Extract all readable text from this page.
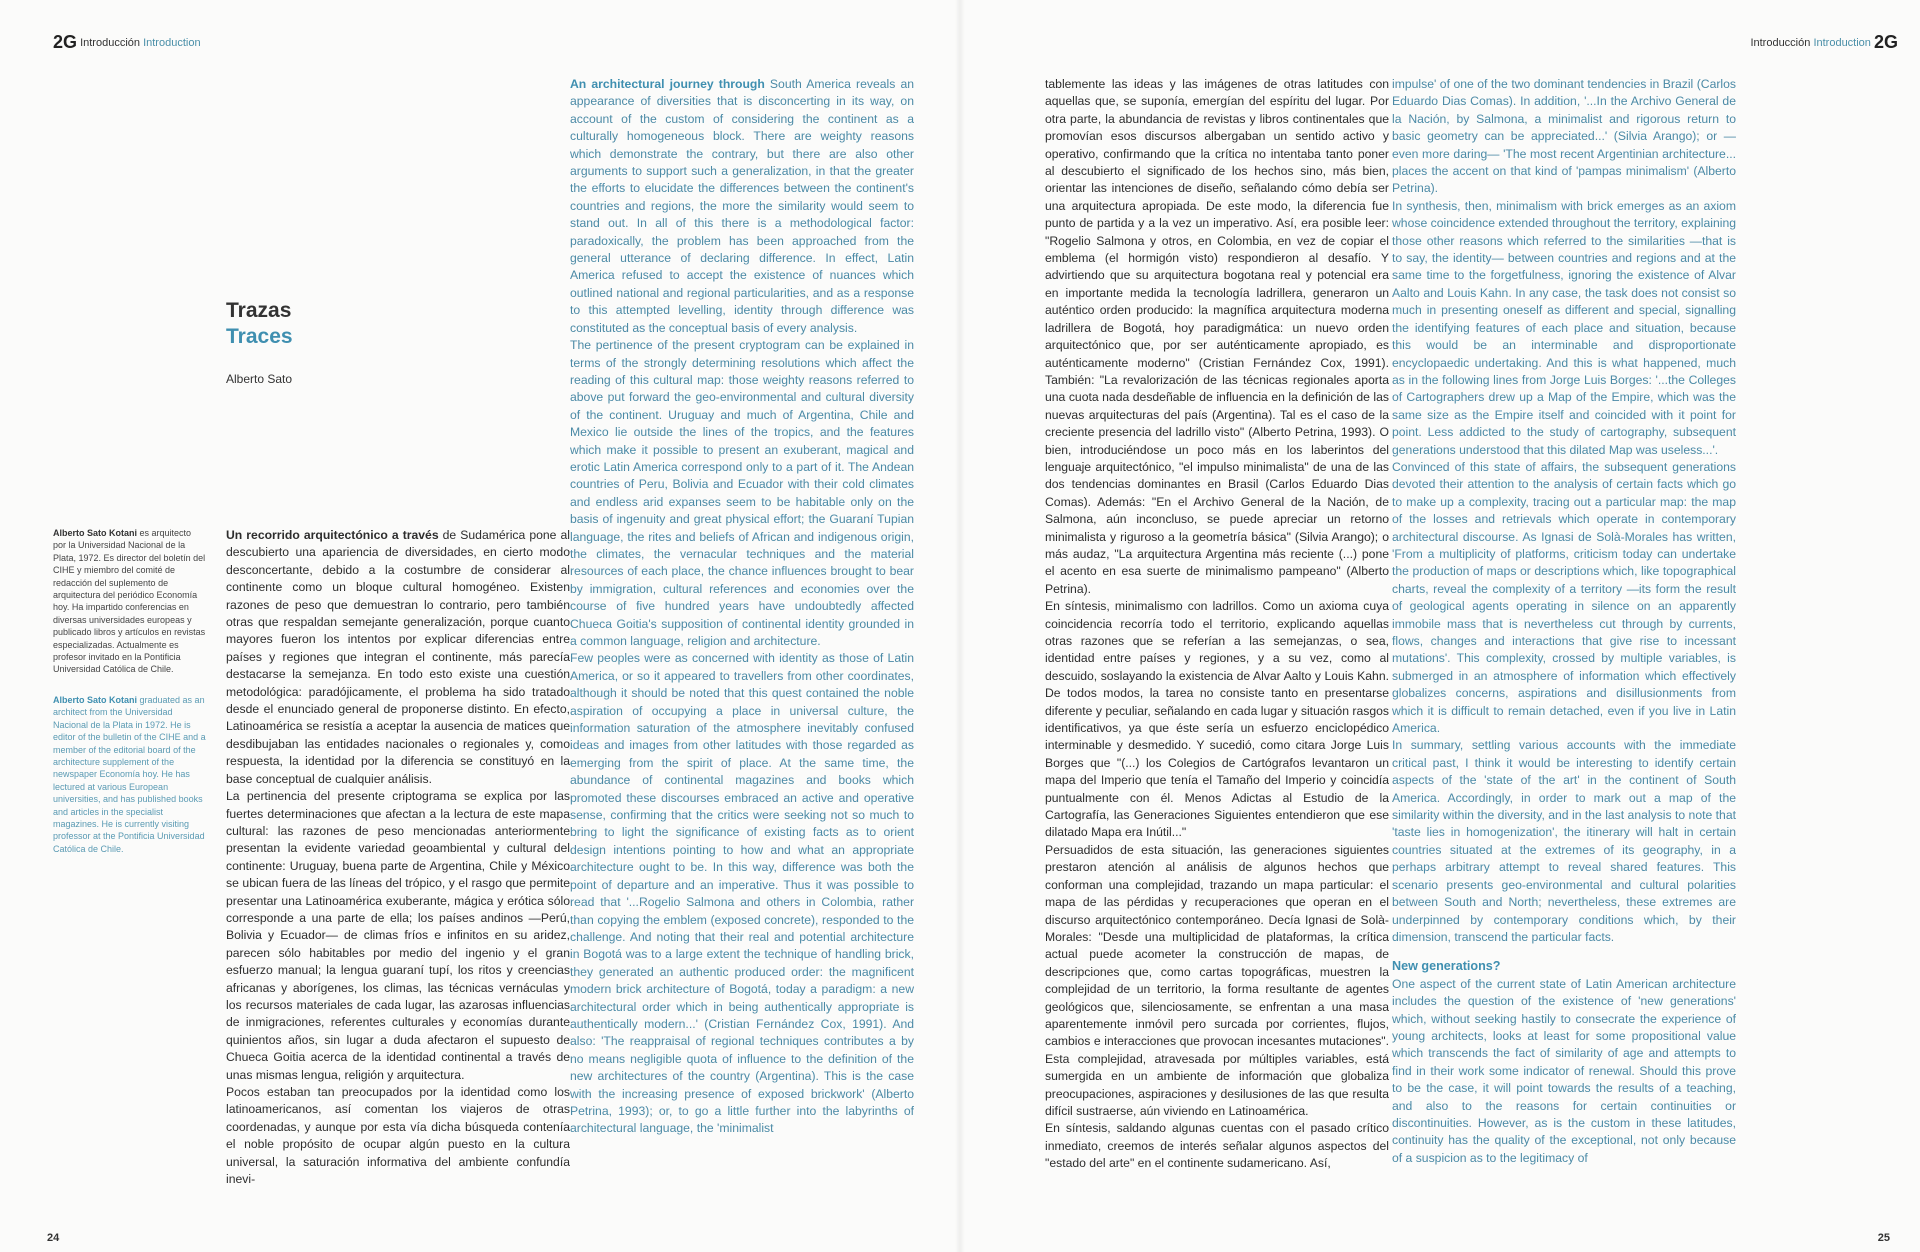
2G Introducción Introduction	Introducción Introduction 2G
Trazas
Traces
Alberto Sato
Alberto Sato Kotani es arquitecto por la Universidad Nacional de la Plata, 1972. Es director del boletín del CIHE y miembro del comité de redacción del suplemento de arquitectura del periódico Economía hoy. Ha impartido conferencias en diversas universidades europeas y publicado libros y artículos en revistas especializadas. Actualmente es profesor invitado en la Pontificia Universidad Católica de Chile.
Alberto Sato Kotani graduated as an architect from the Universidad Nacional de la Plata in 1972. He is editor of the bulletin of the CIHE and a member of the editorial board of the architecture supplement of the newspaper Economía hoy. He has lectured at various European universities, and has published books and articles in the specialist magazines. He is currently visiting professor at the Pontificia Universidad Católica de Chile.

Un recorrido arquitectónico a través de Sudamérica pone al descubierto una apariencia de diversidades, en cierto modo desconcertante, debido a la costumbre de considerar al continente como un bloque cultural homogéneo. Existen razones de peso que demuestran lo contrario, pero también otras que respaldan semejante generalización, porque cuanto mayores fueron los intentos por explicar diferencias entre países y regiones que integran el continente, más parecía destacarse la semejanza. En todo esto existe una cuestión metodológica: paradójicamente, el problema ha sido tratado desde el enunciado general de proponerse distinto. En efecto, Latinoamérica se resistía a aceptar la ausencia de matices que desdibujaban las entidades nacionales o regionales y, como respuesta, la identidad por la diferencia se constituyó en la base conceptual de cualquier análisis.

La pertinencia del presente criptograma se explica por las fuertes determinaciones que afectan a la lectura de este mapa cultural: las razones de peso mencionadas anteriormente presentan la evidente variedad geoambiental y cultural del continente: Uruguay, buena parte de Argentina, Chile y México se ubican fuera de las líneas del trópico, y el rasgo que permite presentar una Latinoamérica exuberante, mágica y erótica sólo corresponde a una parte de ella; los países andinos —Perú, Bolivia y Ecuador— de climas fríos e infinitos en su aridez, parecen sólo habitables por medio del ingenio y el gran esfuerzo manual; la lengua guaraní tupí, los ritos y creencias africanas y aborígenes, los climas, las técnicas vernáculas y los recursos materiales de cada lugar, las azarosas influencias de inmigraciones, referentes culturales y economías durante quinientos años, sin lugar a duda afectaron el supuesto de Chueca Goitia acerca de la identidad continental a través de unas mismas lengua, religión y arquitectura.

Pocos estaban tan preocupados por la identidad como los latinoamericanos, así comentan los viajeros de otras coordenadas, y aunque por esta vía dicha búsqueda contenía el noble propósito de ocupar algún puesto en la cultura universal, la saturación informativa del ambiente confundía inevi-

An architectural journey through South America reveals an appearance of diversities that is disconcerting in its way, on account of the custom of considering the continent as a culturally homogeneous block. There are weighty reasons which demonstrate the contrary, but there are also other arguments to support such a generalization, in that the greater the efforts to elucidate the differences between the continent's countries and regions, the more the similarity would seem to stand out. In all of this there is a methodological factor: paradoxically, the problem has been approached from the general utterance of declaring difference. In effect, Latin America refused to accept the existence of nuances which outlined national and regional particularities, and as a response to this attempted levelling, identity through difference was constituted as the conceptual basis of every analysis.

The pertinence of the present cryptogram can be explained in terms of the strongly determining resolutions which affect the reading of this cultural map: those weighty reasons referred to above put forward the geo-environmental and cultural diversity of the continent. Uruguay and much of Argentina, Chile and Mexico lie outside the lines of the tropics, and the features which make it possible to present an exuberant, magical and erotic Latin America correspond only to a part of it. The Andean countries of Peru, Bolivia and Ecuador with their cold climates and endless arid expanses seem to be habitable only on the basis of ingenuity and great physical effort; the Guaraní Tupian language, the rites and beliefs of African and indigenous origin, the climates, the vernacular techniques and the material resources of each place, the chance influences brought to bear by immigration, cultural references and economies over the course of five hundred years have undoubtedly affected Chueca Goitia's supposition of continental identity grounded in a common language, religion and architecture.

Few peoples were as concerned with identity as those of Latin America, or so it appeared to travellers from other coordinates, although it should be noted that this quest contained the noble aspiration of occupying a place in universal culture, the information saturation of the atmosphere inevitably confused ideas and images from other latitudes with those regarded as emerging from the spirit of place. At the same time, the abundance of continental magazines and books which promoted these discourses embraced an active and operative sense, confirming that the critics were seeking not so much to bring to light the significance of existing facts as to orient design intentions pointing to how and what an appropriate architecture ought to be. In this way, difference was both the point of departure and an imperative. Thus it was possible to read that '...Rogelio Salmona and others in Colombia, rather than copying the emblem (exposed concrete), responded to the challenge. And noting that their real and potential architecture in Bogotá was to a large extent the technique of handling brick, they generated an authentic produced order: the magnificent modern brick architecture of Bogotá, today a paradigm: a new architectural order which in being authentically appropriate is authentically modern...' (Cristian Fernández Cox, 1991). And also: 'The reappraisal of regional techniques contributes a by no means negligible quota of influence to the definition of the new architectures of the country (Argentina). This is the case with the increasing presence of exposed brickwork' (Alberto Petrina, 1993); or, to go a little further into the labyrinths of architectural language, the 'minimalist

tablemente las ideas y las imágenes de otras latitudes con aquellas que, se suponía, emergían del espíritu del lugar. Por otra parte, la abundancia de revistas y libros continentales que promovían esos discursos albergaban un sentido activo y operativo, confirmando que la crítica no intentaba tanto poner al descubierto el significado de los hechos sino, más bien, orientar las intenciones de diseño, señalando cómo debía ser una arquitectura apropiada. De este modo, la diferencia fue punto de partida y a la vez un imperativo. Así, era posible leer: "Rogelio Salmona y otros, en Colombia, en vez de copiar el emblema (el hormigón visto) respondieron al desafío. Y advirtiendo que su arquitectura bogotana real y potencial era en importante medida la tecnología ladrillera, generaron un auténtico orden producido: la magnífica arquitectura moderna ladrillera de Bogotá, hoy paradigmática: un nuevo orden arquitectónico que, por ser auténticamente apropiado, es auténticamente moderno" (Cristian Fernández Cox, 1991). También: "La revalorización de las técnicas regionales aporta una cuota nada desdeñable de influencia en la definición de las nuevas arquitecturas del país (Argentina). Tal es el caso de la creciente presencia del ladrillo visto" (Alberto Petrina, 1993). O bien, introduciéndose un poco más en los laberintos del lenguaje arquitectónico, "el impulso minimalista" de una de las dos tendencias dominantes en Brasil (Carlos Eduardo Dias Comas). Además: "En el Archivo General de la Nación, de Salmona, aún inconcluso, se puede apreciar un retorno minimalista y riguroso a la geometría básica" (Silvia Arango); o más audaz, "La arquitectura Argentina más reciente (...) pone el acento en esa suerte de minimalismo pampeano" (Alberto Petrina).

En síntesis, minimalismo con ladrillos. Como un axioma cuya coincidencia recorría todo el territorio, explicando aquellas otras razones que se referían a las semejanzas, o sea, identidad entre países y regiones, y a su vez, como al descuido, soslayando la existencia de Alvar Aalto y Louis Kahn. De todos modos, la tarea no consiste tanto en presentarse diferente y peculiar, señalando en cada lugar y situación rasgos identificativos, ya que éste sería un esfuerzo enciclopédico interminable y desmedido. Y sucedió, como citara Jorge Luis Borges que "(...) los Colegios de Cartógrafos levantaron un mapa del Imperio que tenía el Tamaño del Imperio y coincidía puntualmente con él. Menos Adictas al Estudio de la Cartografía, las Generaciones Siguientes entendieron que ese dilatado Mapa era Inútil..."

Persuadidos de esta situación, las generaciones siguientes prestaron atención al análisis de algunos hechos que conforman una complejidad, trazando un mapa particular: el mapa de las pérdidas y recuperaciones que operan en el discurso arquitectónico contemporáneo. Decía Ignasi de Solà-Morales: "Desde una multiplicidad de plataformas, la crítica actual puede acometer la construcción de mapas, de descripciones que, como cartas topográficas, muestren la complejidad de un territorio, la forma resultante de agentes geológicos que, silenciosamente, se enfrentan a una masa aparentemente inmóvil pero surcada por corrientes, flujos, cambios e interacciones que provocan incesantes mutaciones". Esta complejidad, atravesada por múltiples variables, está sumergida en un ambiente de información que globaliza preocupaciones, aspiraciones y desilusiones de las que resulta difícil sustraerse, aún viviendo en Latinoamérica.

En síntesis, saldando algunas cuentas con el pasado crítico inmediato, creemos de interés señalar algunos aspectos del "estado del arte" en el continente sudamericano. Así,

impulse' of one of the two dominant tendencies in Brazil (Carlos Eduardo Dias Comas). In addition, '...In the Archivo General de la Nación, by Salmona, a minimalist and rigorous return to basic geometry can be appreciated...' (Silvia Arango); or —even more daring— 'The most recent Argentinian architecture... places the accent on that kind of 'pampas minimalism' (Alberto Petrina).

In synthesis, then, minimalism with brick emerges as an axiom whose coincidence extended throughout the territory, explaining those other reasons which referred to the similarities —that is to say, the identity— between countries and regions and at the same time to the forgetfulness, ignoring the existence of Alvar Aalto and Louis Kahn. In any case, the task does not consist so much in presenting oneself as different and special, signalling the identifying features of each place and situation, because this would be an interminable and disproportionate encyclopaedic undertaking. And this is what happened, much as in the following lines from Jorge Luis Borges: '...the Colleges of Cartographers drew up a Map of the Empire, which was the same size as the Empire itself and coincided with it point for point. Less addicted to the study of cartography, subsequent generations understood that this dilated Map was useless...'.

Convinced of this state of affairs, the subsequent generations devoted their attention to the analysis of certain facts which go to make up a complexity, tracing out a particular map: the map of the losses and retrievals which operate in contemporary architectural discourse. As Ignasi de Solà-Morales has written, 'From a multiplicity of platforms, criticism today can undertake the production of maps or descriptions which, like topographical charts, reveal the complexity of a territory —its form the result of geological agents operating in silence on an apparently immobile mass that is nevertheless cut through by currents, flows, changes and interactions that give rise to incessant mutations'. This complexity, crossed by multiple variables, is submerged in an atmosphere of information which effectively globalizes concerns, aspirations and disillusionments from which it is difficult to remain detached, even if you live in Latin America.

In summary, settling various accounts with the immediate critical past, I think it would be interesting to identify certain aspects of the 'state of the art' in the continent of South America. Accordingly, in order to mark out a map of the similarity within the diversity, and in the last analysis to note that 'taste lies in homogenization', the itinerary will halt in certain countries situated at the extremes of its geography, in a perhaps arbitrary attempt to reveal shared features. This scenario presents geo-environmental and cultural polarities between South and North; nevertheless, these extremes are underpinned by contemporary conditions which, by their dimension, transcend the particular facts.

New generations?

One aspect of the current state of Latin American architecture includes the question of the existence of 'new generations' which, without seeking hastily to consecrate the experience of young architects, looks at least for some propositional value which transcends the fact of similarity of age and attempts to find in their work some indicator of renewal. Should this prove to be the case, it will point towards the results of a teaching, and also to the reasons for certain continuities or discontinuities. However, as is the custom in these latitudes, continuity has the quality of the exceptional, not only because of a suspicion as to the legitimacy of

24	25
